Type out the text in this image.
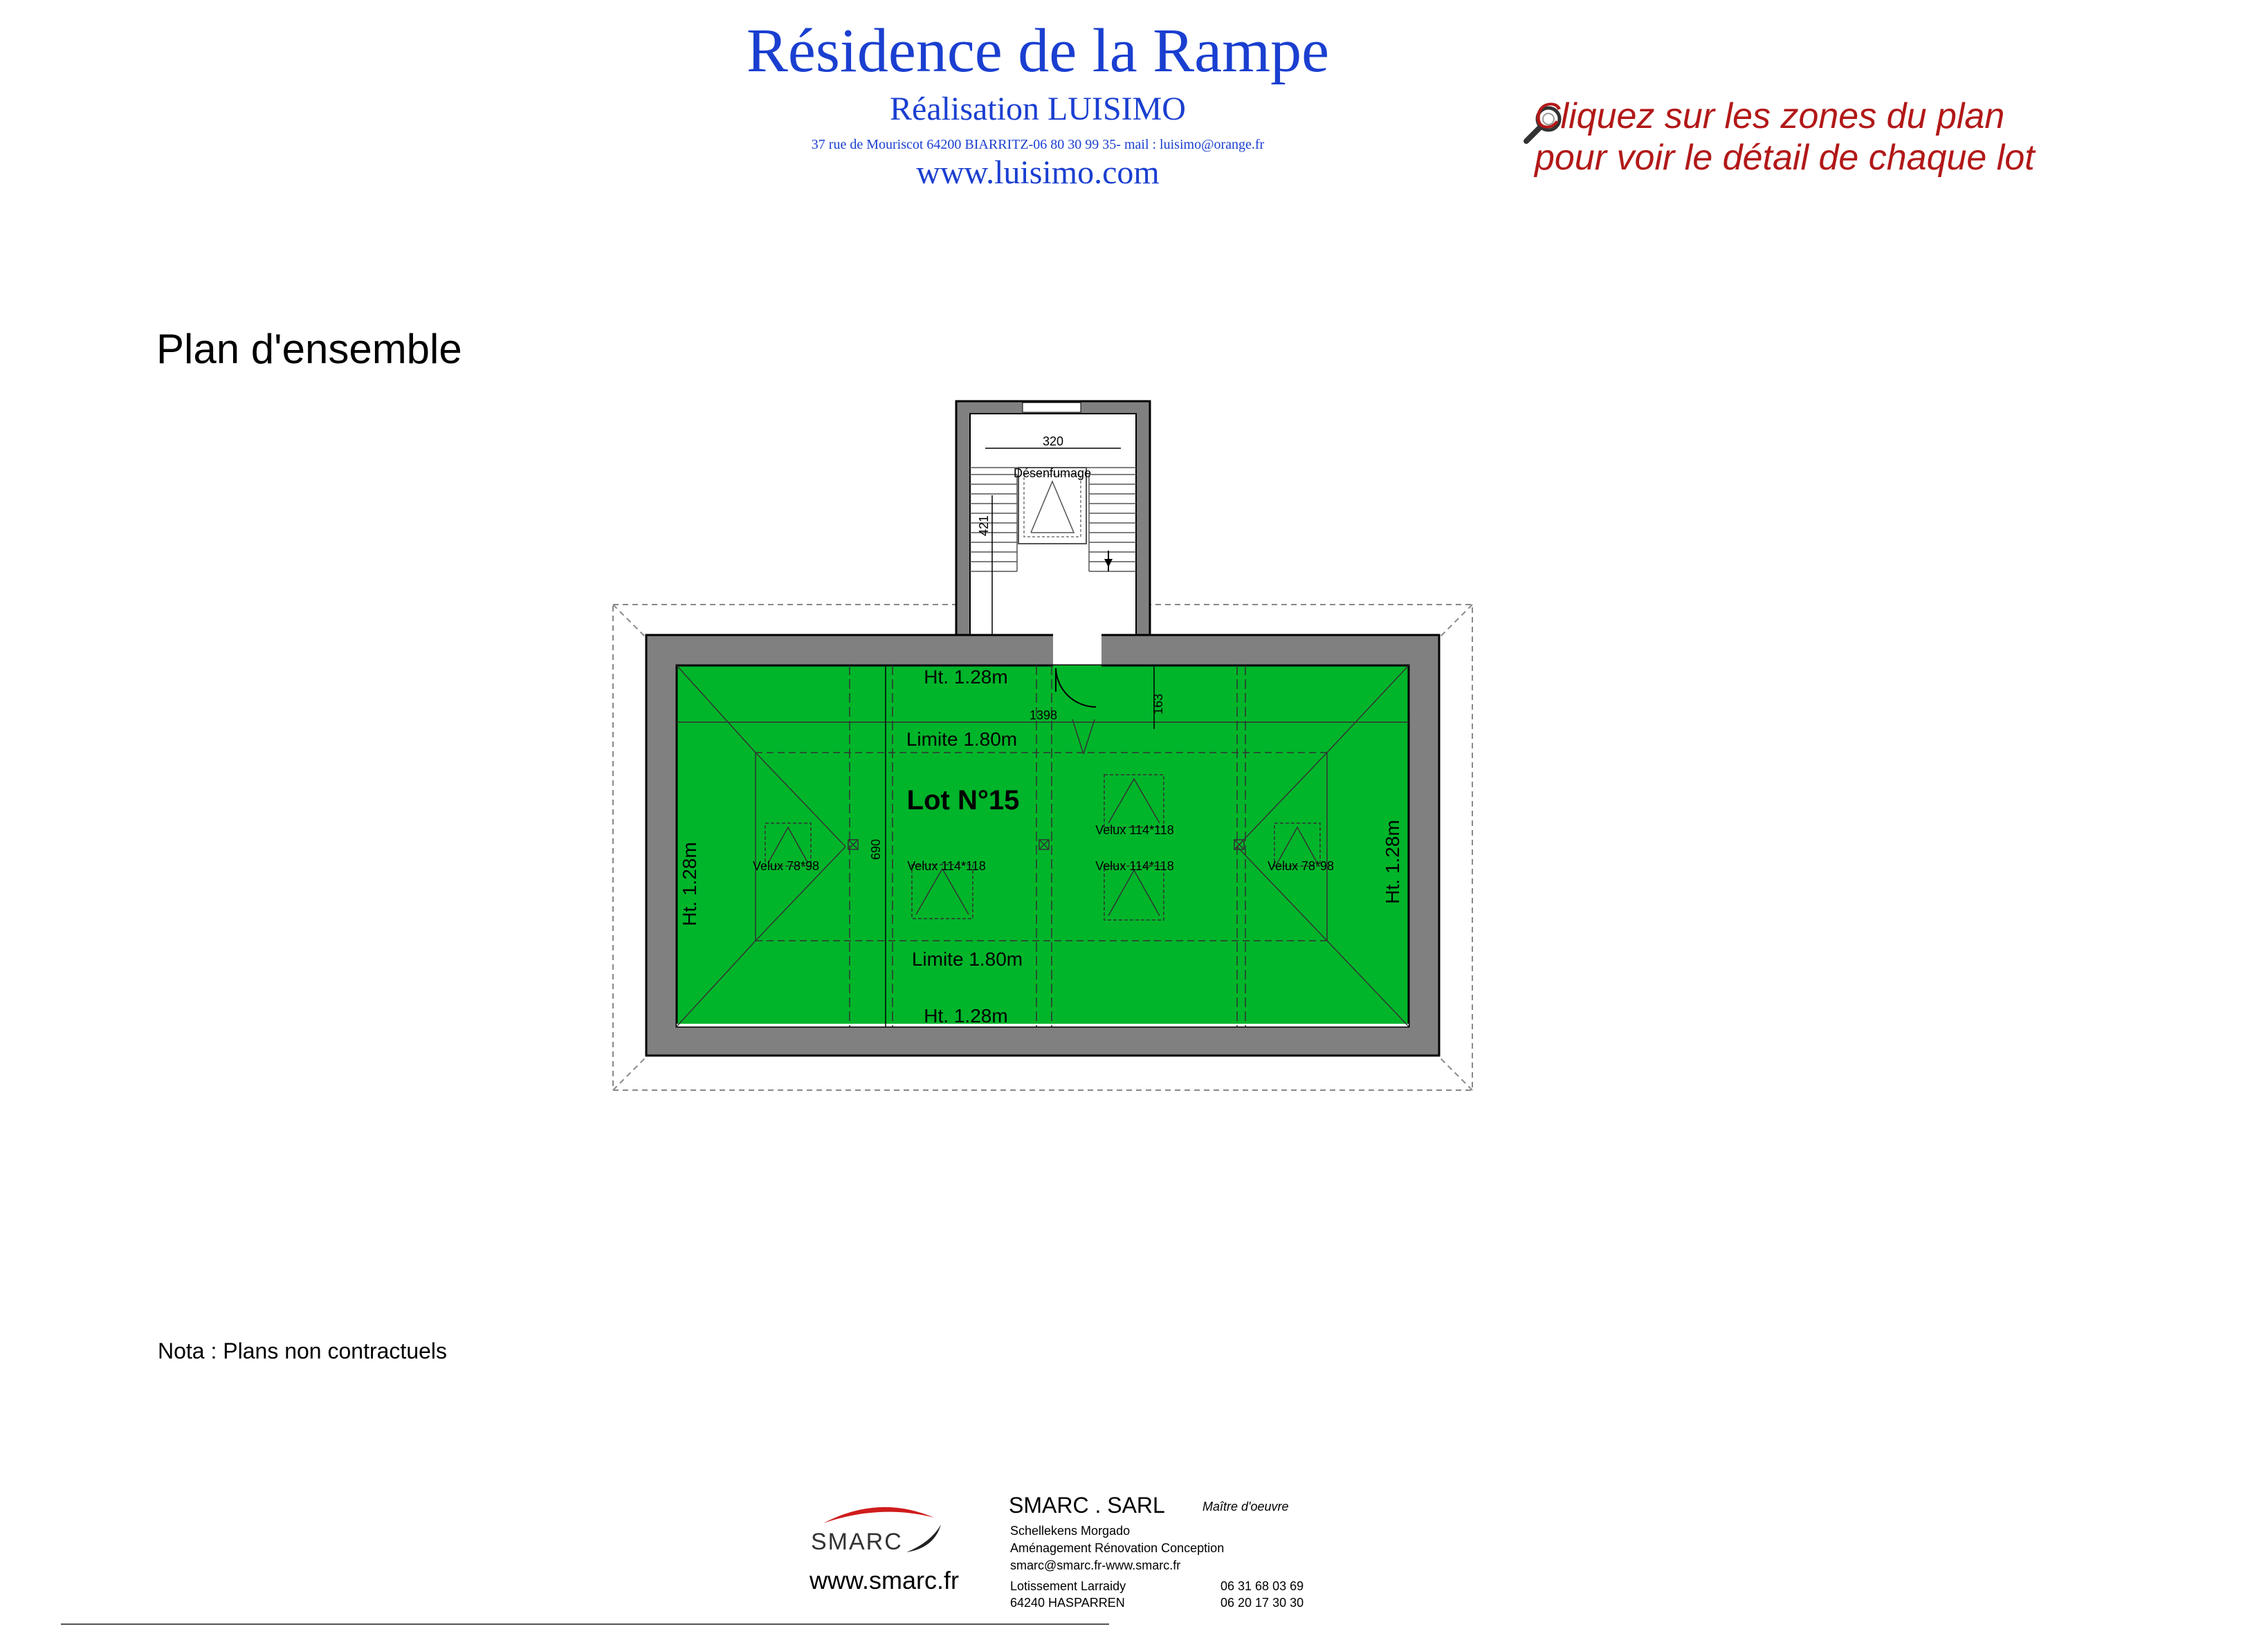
Résidence de la Rampe
Réalisation LUISIMO
37 rue de Mouriscot 64200 BIARRITZ-06 80 30 99 35- mail : luisimo@orange.fr
www.luisimo.com
Cliquez sur les zones du plan
pour voir le détail de chaque lot
Plan d'ensemble
320
Désenfumage
421
Ht. 1.28m
1398
163
Limite 1.80m
Lot N°15
690
Velux 114*118
Velux 78*98	Velux 114*118	Velux 114*118	Velux 78*98
Limite 1.80m
Ht. 1.28m
Ht. 1.28m	Ht. 1.28m
Nota : Plans non contractuels
SMARC
www.smarc.fr
SMARC . SARL	Maître d'oeuvre
Schellekens Morgado
Aménagement Rénovation Conception
smarc@smarc.fr-www.smarc.fr
Lotissement Larraidy
64240 HASPARREN
06 31 68 03 69
06 20 17 30 30
